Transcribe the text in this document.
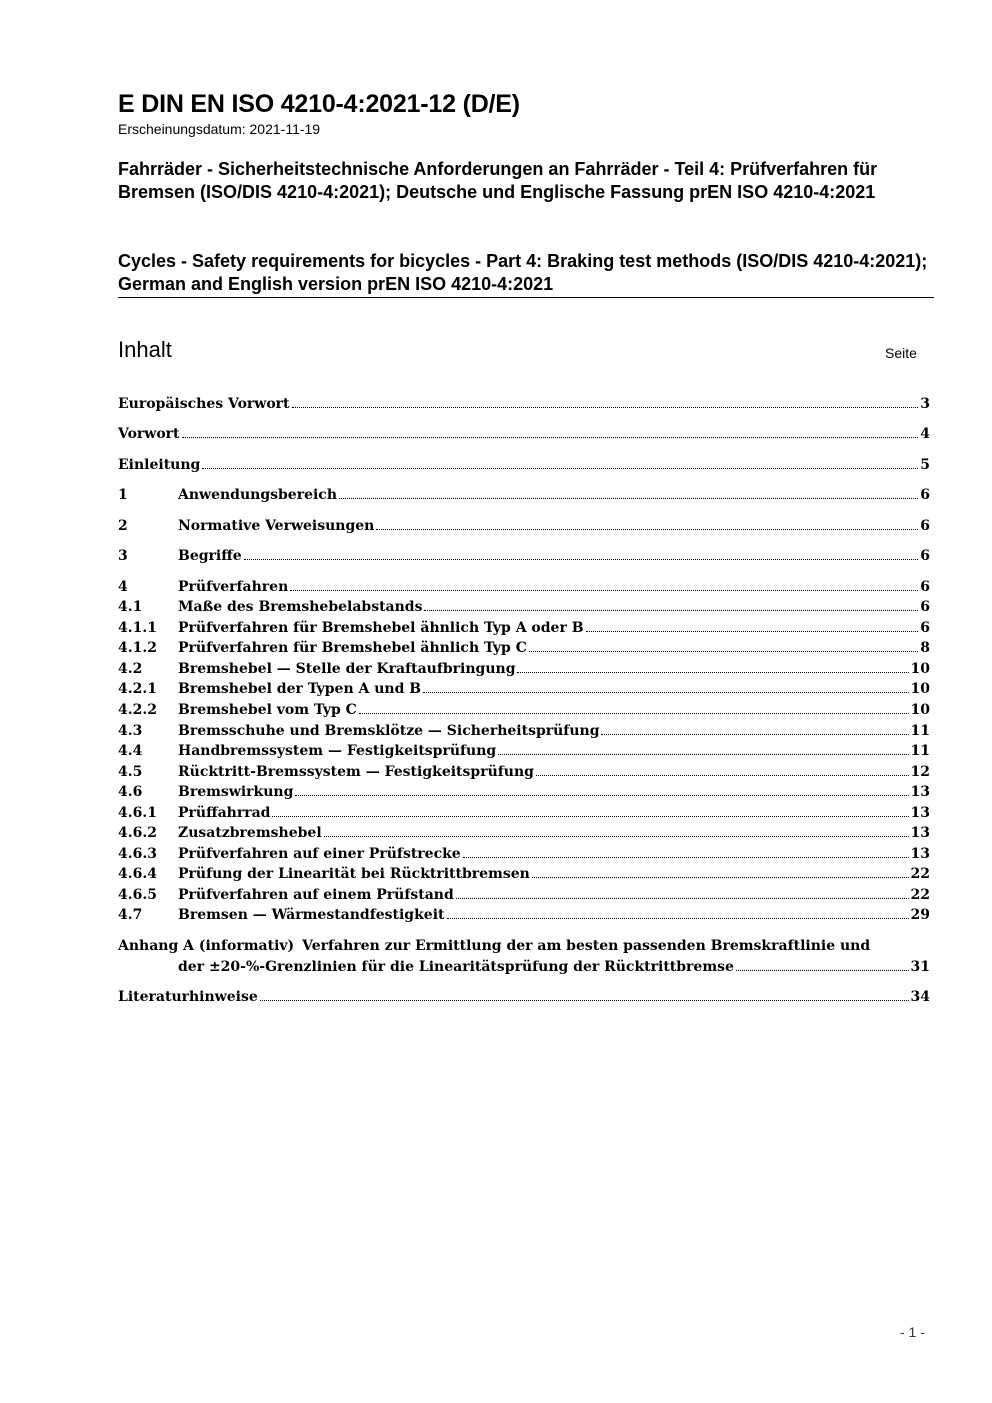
E DIN EN ISO 4210-4:2021-12 (D/E)
Erscheinungsdatum: 2021-11-19

Fahrräder - Sicherheitstechnische Anforderungen an Fahrräder - Teil 4: Prüfverfahren für Bremsen (ISO/DIS 4210-4:2021); Deutsche und Englische Fassung prEN ISO 4210-4:2021

Cycles - Safety requirements for bicycles - Part 4: Braking test methods (ISO/DIS 4210-4:2021); German and English version prEN ISO 4210-4:2021

Inhalt	Seite
Europäisches Vorwort	3
Vorwort	4
Einleitung	5
1	Anwendungsbereich	6
2	Normative Verweisungen	6
3	Begriffe	6
4	Prüfverfahren	6
4.1	Maße des Bremshebelabstands	6
4.1.1	Prüfverfahren für Bremshebel ähnlich Typ A oder B	6
4.1.2	Prüfverfahren für Bremshebel ähnlich Typ C	8
4.2	Bremshebel — Stelle der Kraftaufbringung	10
4.2.1	Bremshebel der Typen A und B	10
4.2.2	Bremshebel vom Typ C	10
4.3	Bremsschuhe und Bremsklötze — Sicherheitsprüfung	11
4.4	Handbremssystem — Festigkeitsprüfung	11
4.5	Rücktritt-Bremssystem — Festigkeitsprüfung	12
4.6	Bremswirkung	13
4.6.1	Prüffahrrad	13
4.6.2	Zusatzbremshebel	13
4.6.3	Prüfverfahren auf einer Prüfstrecke	13
4.6.4	Prüfung der Linearität bei Rücktrittbremsen	22
4.6.5	Prüfverfahren auf einem Prüfstand	22
4.7	Bremsen — Wärmestandfestigkeit	29
Anhang A (informativ) Verfahren zur Ermittlung der am besten passenden Bremskraftlinie und
der ±20-%-Grenzlinien für die Linearitätsprüfung der Rücktrittbremse	31
Literaturhinweise	34
- 1 -
